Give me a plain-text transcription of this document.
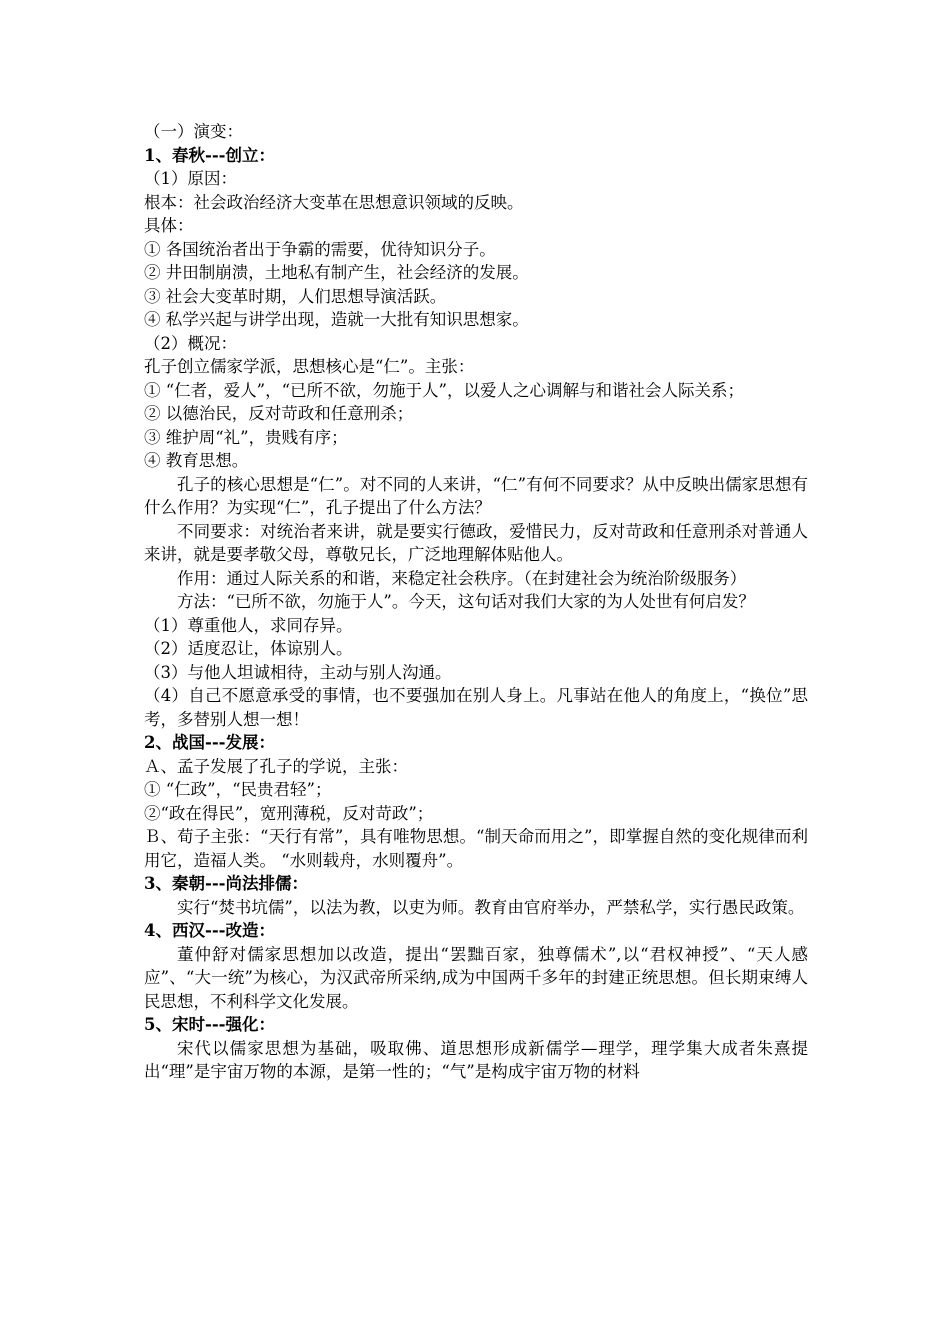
（一）演变：
1、春秋---创立：
（1）原因：
根本：社会政治经济大变革在思想意识领域的反映。
具体：
① 各国统治者出于争霸的需要，优待知识分子。
② 井田制崩溃，土地私有制产生，社会经济的发展。
③ 社会大变革时期，人们思想导演活跃。
④ 私学兴起与讲学出现，造就一大批有知识思想家。
（2）概况：
孔子创立儒家学派，思想核心是“仁”。主张：
① “仁者，爱人”，“已所不欲，勿施于人”，以爱人之心调解与和谐社会人际关系；
② 以德治民，反对苛政和任意刑杀；
③ 维护周“礼”，贵贱有序；
④ 教育思想。
孔子的核心思想是“仁”。对不同的人来讲，“仁”有何不同要求？从中反映出儒家思想有什么作用？为实现“仁”，孔子提出了什么方法？
不同要求：对统治者来讲，就是要实行德政，爱惜民力，反对苛政和任意刑杀对普通人来讲，就是要孝敬父母，尊敬兄长，广泛地理解体贴他人。
作用：通过人际关系的和谐，来稳定社会秩序。（在封建社会为统治阶级服务）
方法：“已所不欲，勿施于人”。今天，这句话对我们大家的为人处世有何启发？
（1）尊重他人，求同存异。
（2）适度忍让，体谅别人。
（3）与他人坦诚相待，主动与别人沟通。
（4）自己不愿意承受的事情，也不要强加在别人身上。凡事站在他人的角度上，“换位”思考，多替别人想一想！
2、战国---发展：
Ａ、孟子发展了孔子的学说，主张：
① “仁政”，“民贵君轻”；
②“政在得民”，宽刑薄税，反对苛政”；
Ｂ、荀子主张：“天行有常”，具有唯物思想。“制天命而用之”，即掌握自然的变化规律而利用它，造福人类。 “水则载舟，水则覆舟”。
3、秦朝---尚法排儒：
实行“焚书坑儒”，以法为教，以吏为师。教育由官府举办，严禁私学，实行愚民政策。
4、西汉---改造：
董仲舒对儒家思想加以改造，提出“罢黜百家，独尊儒术”,以“君权神授”、“天人感应”、“大一统”为核心，为汉武帝所采纳,成为中国两千多年的封建正统思想。但长期束缚人民思想，不利科学文化发展。
5、宋时---强化：
宋代以儒家思想为基础，吸取佛、道思想形成新儒学—理学，理学集大成者朱熹提出“理”是宇宙万物的本源，是第一性的；“气”是构成宇宙万物的材料
